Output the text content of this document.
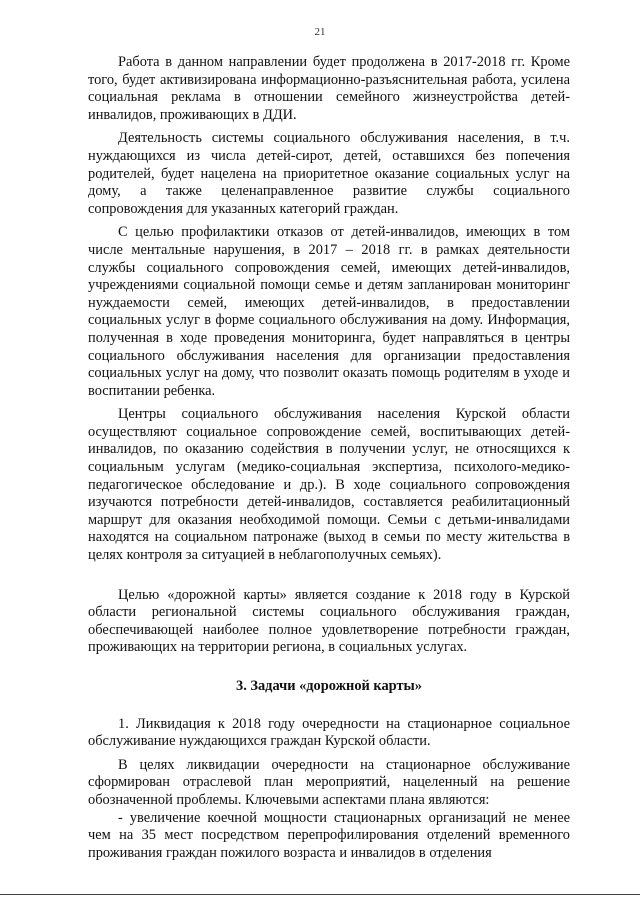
21

Работа в данном направлении будет продолжена в 2017-2018 гг. Кроме того, будет активизирована информационно-разъяснительная работа, усилена социальная реклама в отношении семейного жизнеустройства детей-инвалидов, проживающих в ДДИ.

Деятельность системы социального обслуживания населения, в т.ч. нуждающихся из числа детей-сирот, детей, оставшихся без попечения родителей, будет нацелена на приоритетное оказание социальных услуг на дому, а также целенаправленное развитие службы социального сопровождения для указанных категорий граждан.

С целью профилактики отказов от детей-инвалидов, имеющих в том числе ментальные нарушения, в 2017 – 2018 гг. в рамках деятельности службы социального сопровождения семей, имеющих детей-инвалидов, учреждениями социальной помощи семье и детям запланирован мониторинг нуждаемости семей, имеющих детей-инвалидов, в предоставлении социальных услуг в форме социального обслуживания на дому. Информация, полученная в ходе проведения мониторинга, будет направляться в центры социального обслуживания населения для организации предоставления социальных услуг на дому, что позволит оказать помощь родителям в уходе и воспитании ребенка.

Центры социального обслуживания населения Курской области осуществляют социальное сопровождение семей, воспитывающих детей-инвалидов, по оказанию содействия в получении услуг, не относящихся к социальным услугам (медико-социальная экспертиза, психолого-медико-педагогическое обследование и др.). В ходе социального сопровождения изучаются потребности детей-инвалидов, составляется реабилитационный маршрут для оказания необходимой помощи. Семьи с детьми-инвалидами находятся на социальном патронаже (выход в семьи по месту жительства в целях контроля за ситуацией в неблагополучных семьях).

Целью «дорожной карты» является создание к 2018 году в Курской области региональной системы социального обслуживания граждан, обеспечивающей наиболее полное удовлетворение потребности граждан, проживающих на территории региона, в социальных услугах.

3. Задачи «дорожной карты»

1. Ликвидация к 2018 году очередности на стационарное социальное обслуживание нуждающихся граждан Курской области.

В целях ликвидации очередности на стационарное обслуживание сформирован отраслевой план мероприятий, нацеленный на решение обозначенной проблемы. Ключевыми аспектами плана являются:

- увеличение коечной мощности стационарных организаций не менее чем на 35 мест посредством перепрофилирования отделений временного проживания граждан пожилого возраста и инвалидов в отделения
